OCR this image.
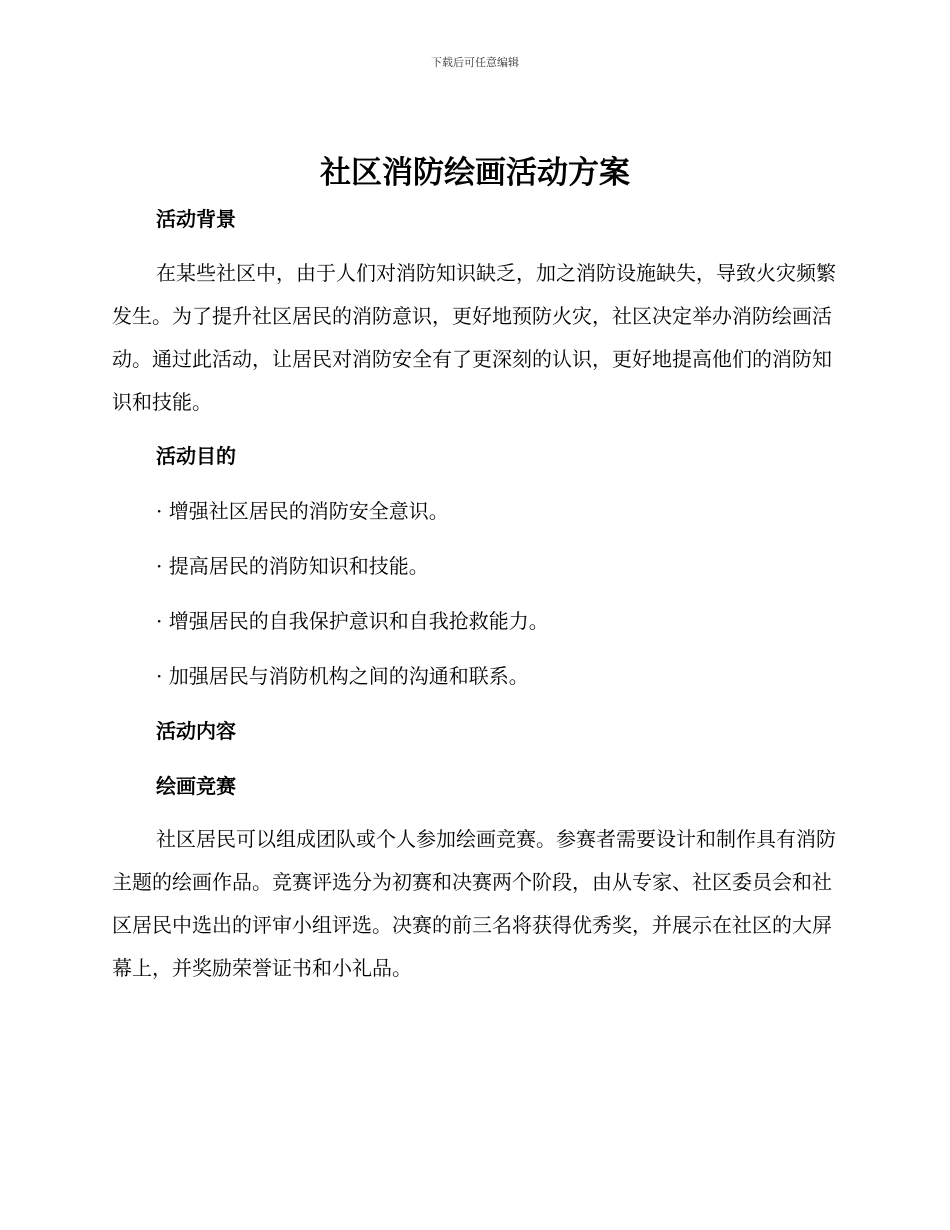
下载后可任意编辑
社区消防绘画活动方案
活动背景

在某些社区中，由于人们对消防知识缺乏，加之消防设施缺失，导致火灾频繁发生。为了提升社区居民的消防意识，更好地预防火灾，社区决定举办消防绘画活动。通过此活动，让居民对消防安全有了更深刻的认识，更好地提高他们的消防知识和技能。

活动目的

· 增强社区居民的消防安全意识。

· 提高居民的消防知识和技能。

· 增强居民的自我保护意识和自我抢救能力。

· 加强居民与消防机构之间的沟通和联系。

活动内容
绘画竞赛

社区居民可以组成团队或个人参加绘画竞赛。参赛者需要设计和制作具有消防主题的绘画作品。竞赛评选分为初赛和决赛两个阶段，由从专家、社区委员会和社区居民中选出的评审小组评选。决赛的前三名将获得优秀奖，并展示在社区的大屏幕上，并奖励荣誉证书和小礼品。
